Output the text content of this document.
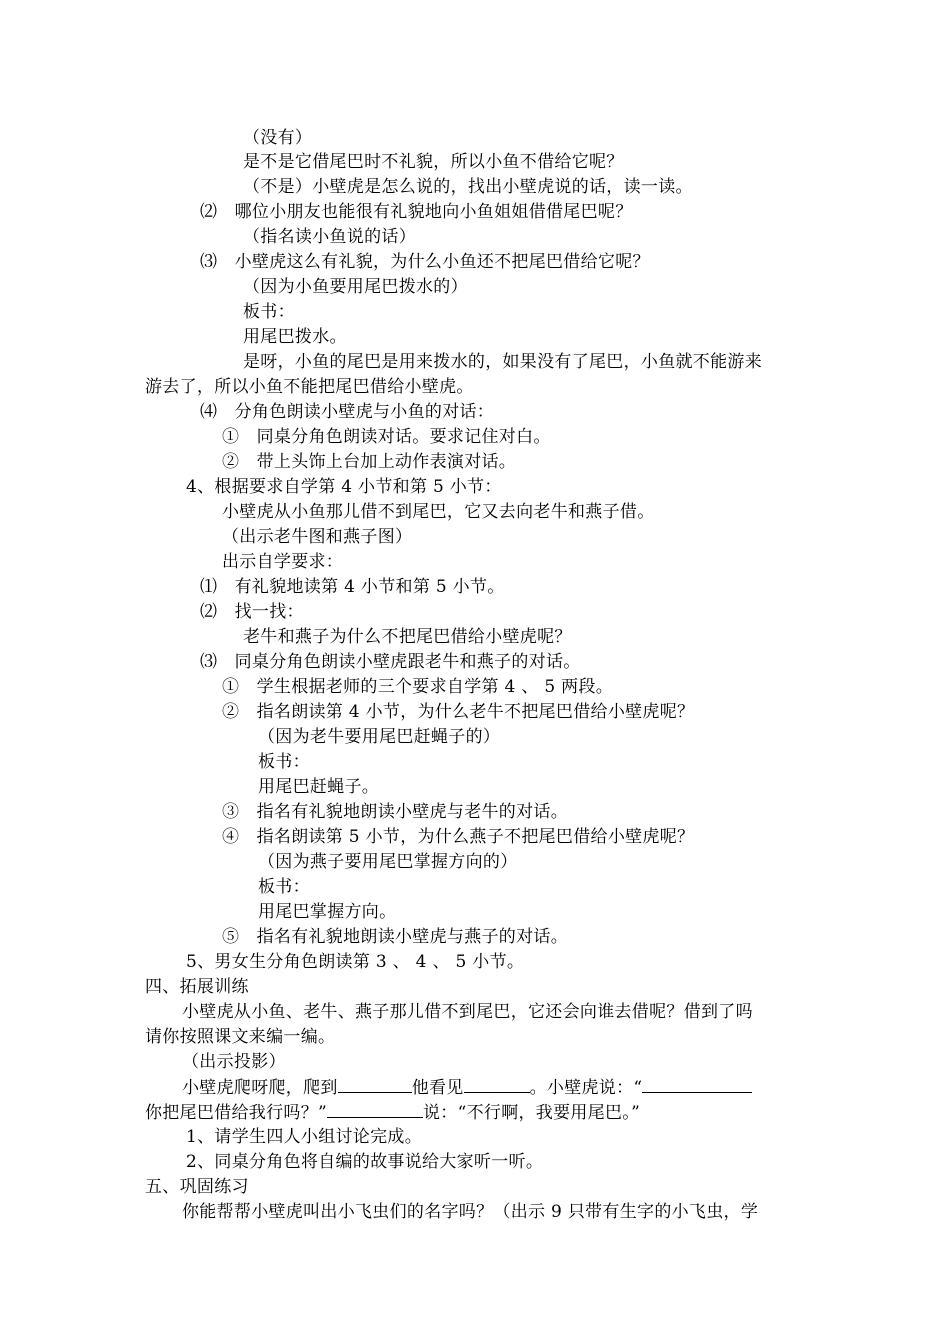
（没有）
是不是它借尾巴时不礼貌，所以小鱼不借给它呢？
（不是）小壁虎是怎么说的，找出小壁虎说的话，读一读。
⑵　哪位小朋友也能很有礼貌地向小鱼姐姐借借尾巴呢？
（指名读小鱼说的话）
⑶　小壁虎这么有礼貌，为什么小鱼还不把尾巴借给它呢？
（因为小鱼要用尾巴拨水的）
板书：
用尾巴拨水。
是呀，小鱼的尾巴是用来拨水的，如果没有了尾巴，小鱼就不能游来
游去了，所以小鱼不能把尾巴借给小壁虎。
⑷　分角色朗读小壁虎与小鱼的对话：
①　同桌分角色朗读对话。要求记住对白。
②　带上头饰上台加上动作表演对话。
4、根据要求自学第 4 小节和第 5 小节：
小壁虎从小鱼那儿借不到尾巴，它又去向老牛和燕子借。
（出示老牛图和燕子图）
出示自学要求：
⑴　有礼貌地读第 4 小节和第 5 小节。
⑵　找一找：
老牛和燕子为什么不把尾巴借给小壁虎呢？
⑶　同桌分角色朗读小壁虎跟老牛和燕子的对话。
①　学生根据老师的三个要求自学第 4 、 5 两段。
②　指名朗读第 4 小节，为什么老牛不把尾巴借给小壁虎呢？
（因为老牛要用尾巴赶蝇子的）
板书：
用尾巴赶蝇子。
③　指名有礼貌地朗读小壁虎与老牛的对话。
④　指名朗读第 5 小节，为什么燕子不把尾巴借给小壁虎呢？
（因为燕子要用尾巴掌握方向的）
板书：
用尾巴掌握方向。
⑤　指名有礼貌地朗读小壁虎与燕子的对话。
5、男女生分角色朗读第 3 、 4 、 5 小节。
四、拓展训练
小壁虎从小鱼、老牛、燕子那儿借不到尾巴，它还会向谁去借呢？借到了吗
请你按照课文来编一编。
（出示投影）
小壁虎爬呀爬，爬到	他看见	。小壁虎说：“
你把尾巴借给我行吗？”	说：“不行啊，我要用尾巴。”
1、请学生四人小组讨论完成。
2、同桌分角色将自编的故事说给大家听一听。
五、巩固练习
你能帮帮小壁虎叫出小飞虫们的名字吗？（出示 9 只带有生字的小飞虫，学
